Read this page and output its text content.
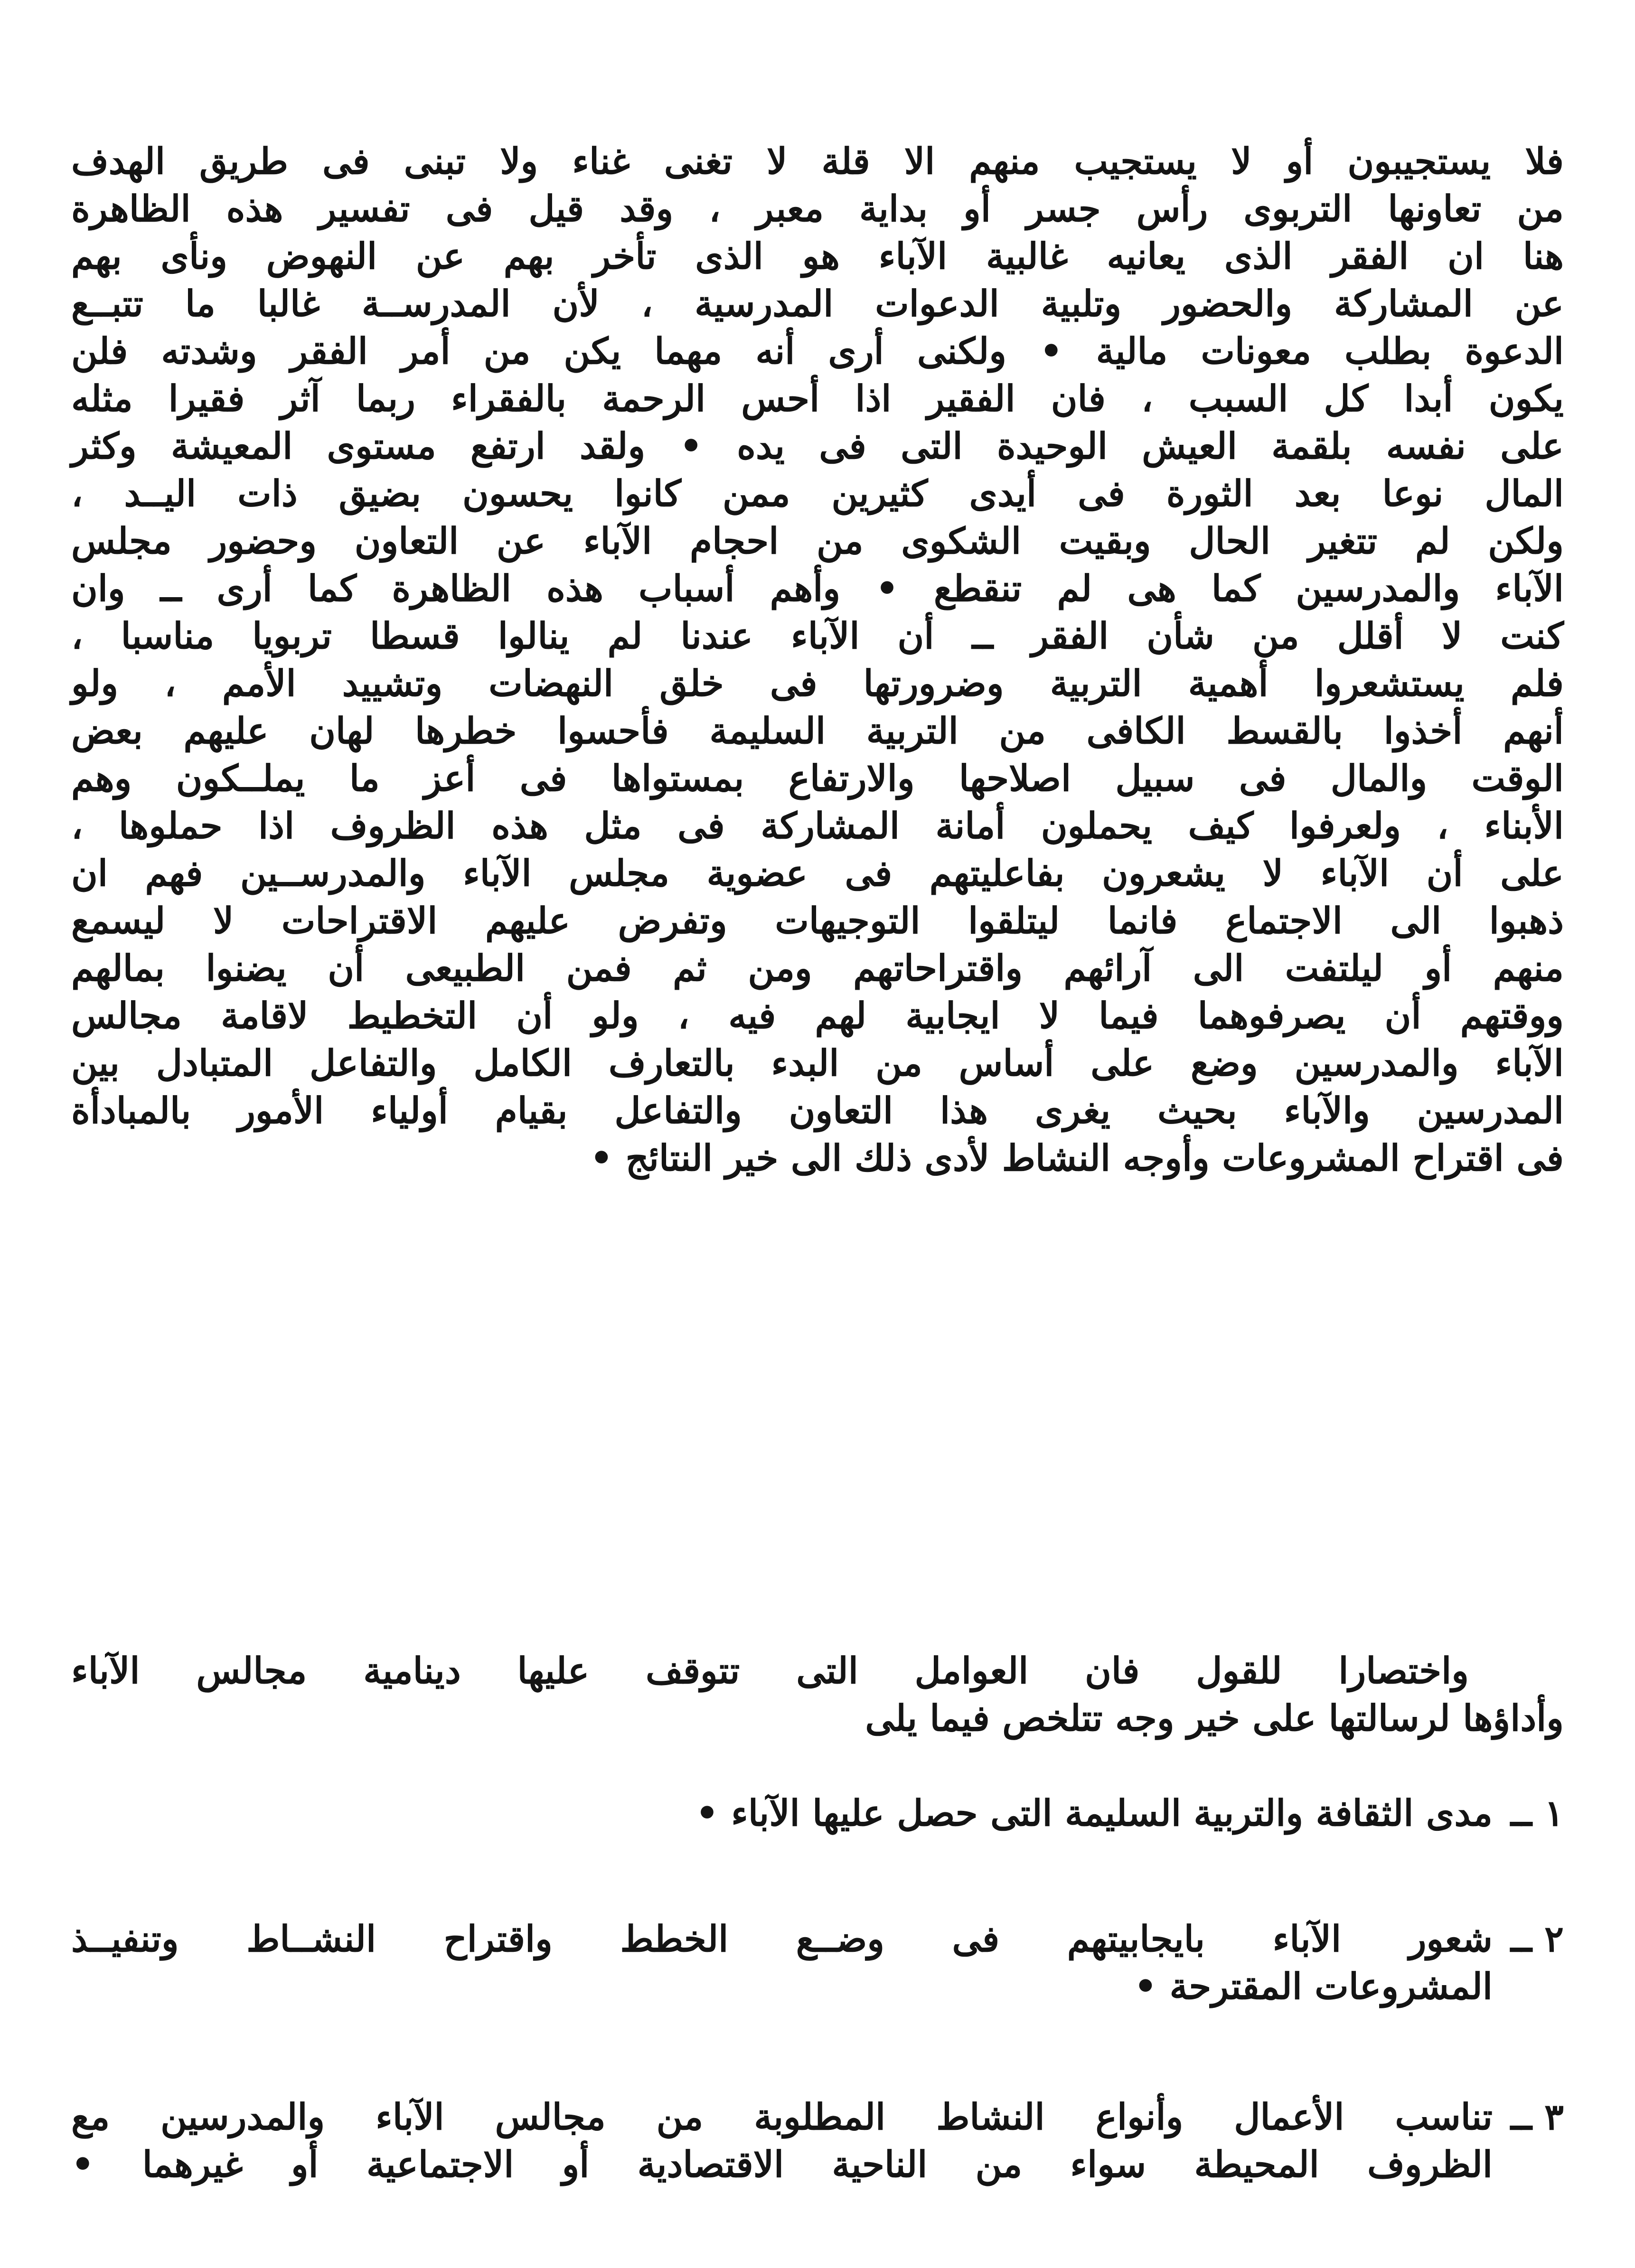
فلا يستجيبون أو لا يستجيب منهم الا قلة لا تغنى غناء ولا تبنى فى طريق الهدف

من تعاونها التربوى رأس جسر أو بداية معبر ، وقد قيل فى تفسير هذه الظاهرة

هنا ان الفقر الذى يعانيه غالبية الآباء هو الذى تأخر بهم عن النهوض ونأى بهم

عن المشاركة والحضور وتلبية الدعوات المدرسية ، لأن المدرســة غالبا ما تتبــع

الدعوة بطلب معونات مالية • ولكنى أرى أنه مهما يكن من أمر الفقر وشدته فلن

يكون أبدا كل السبب ، فان الفقير اذا أحس الرحمة بالفقراء ربما آثر فقيرا مثله

على نفسه بلقمة العيش الوحيدة التى فى يده • ولقد ارتفع مستوى المعيشة وكثر

المال نوعا بعد الثورة فى أيدى كثيرين ممن كانوا يحسون بضيق ذات اليــد ،

ولكن لم تتغير الحال وبقيت الشكوى من احجام الآباء عن التعاون وحضور مجلس

الآباء والمدرسين كما هى لم تنقطع • وأهم أسباب هذه الظاهرة كما أرى ــ وان

كنت لا أقلل من شأن الفقر ــ أن الآباء عندنا لم ينالوا قسطا تربويا مناسبا ،

فلم يستشعروا أهمية التربية وضرورتها فى خلق النهضات وتشييد الأمم ، ولو

أنهم أخذوا بالقسط الكافى من التربية السليمة فأحسوا خطرها لهان عليهم بعض

الوقت والمال فى سبيل اصلاحها والارتفاع بمستواها فى أعز ما يملــكون وهم

الأبناء ، ولعرفوا كيف يحملون أمانة المشاركة فى مثل هذه الظروف اذا حملوها ،

على أن الآباء لا يشعرون بفاعليتهم فى عضوية مجلس الآباء والمدرســين فهم ان

ذهبوا الى الاجتماع فانما ليتلقوا التوجيهات وتفرض عليهم الاقتراحات لا ليسمع

منهم أو ليلتفت الى آرائهم واقتراحاتهم ومن ثم فمن الطبيعى أن يضنوا بمالهم

ووقتهم أن يصرفوهما فيما لا ايجابية لهم فيه ، ولو أن التخطيط لاقامة مجالس

الآباء والمدرسين وضع على أساس من البدء بالتعارف الكامل والتفاعل المتبادل بين

المدرسين والآباء بحيث يغرى هذا التعاون والتفاعل بقيام أولياء الأمور بالمبادأة

فى اقتراح المشروعات وأوجه النشاط لأدى ذلك الى خير النتائج •

واختصارا للقول فان العوامل التى تتوقف عليها دينامية مجالس الآباء

وأداؤها لرسالتها على خير وجه تتلخص فيما يلى

١ ــ

مدى الثقافة والتربية السليمة التى حصل عليها الآباء •

٢ ــ

شعور الآباء بايجابيتهم فى وضــع الخطط واقتراح النشــاط وتنفيــذ

المشروعات المقترحة •

٣ ــ

تناسب الأعمال وأنواع النشاط المطلوبة من مجالس الآباء والمدرسين مع

الظروف المحيطة سواء من الناحية الاقتصادية أو الاجتماعية أو غيرهما •
